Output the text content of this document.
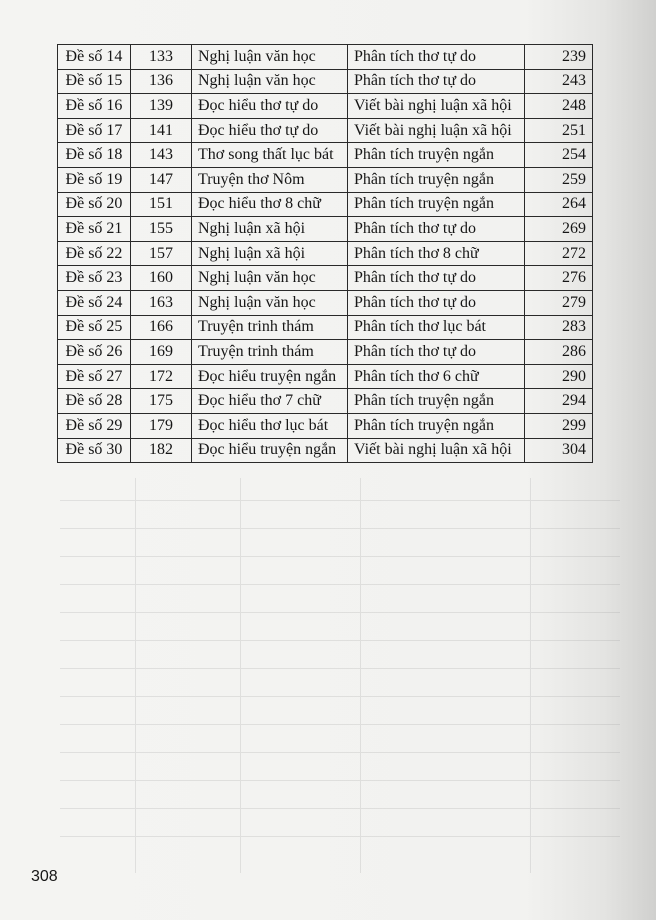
Đề số 14	133	Nghị luận văn học	Phân tích thơ tự do	239
Đề số 15	136	Nghị luận văn học	Phân tích thơ tự do	243
Đề số 16	139	Đọc hiểu thơ tự do	Viết bài nghị luận xã hội	248
Đề số 17	141	Đọc hiểu thơ tự do	Viết bài nghị luận xã hội	251
Đề số 18	143	Thơ song thất lục bát	Phân tích truyện ngắn	254
Đề số 19	147	Truyện thơ Nôm	Phân tích truyện ngắn	259
Đề số 20	151	Đọc hiểu thơ 8 chữ	Phân tích truyện ngắn	264
Đề số 21	155	Nghị luận xã hội	Phân tích thơ tự do	269
Đề số 22	157	Nghị luận xã hội	Phân tích thơ 8 chữ	272
Đề số 23	160	Nghị luận văn học	Phân tích thơ tự do	276
Đề số 24	163	Nghị luận văn học	Phân tích thơ tự do	279
Đề số 25	166	Truyện trinh thám	Phân tích thơ lục bát	283
Đề số 26	169	Truyện trinh thám	Phân tích thơ tự do	286
Đề số 27	172	Đọc hiểu truyện ngắn	Phân tích thơ 6 chữ	290
Đề số 28	175	Đọc hiểu thơ 7 chữ	Phân tích truyện ngắn	294
Đề số 29	179	Đọc hiểu thơ lục bát	Phân tích truyện ngắn	299
Đề số 30	182	Đọc hiểu truyện ngắn	Viết bài nghị luận xã hội	304
308
